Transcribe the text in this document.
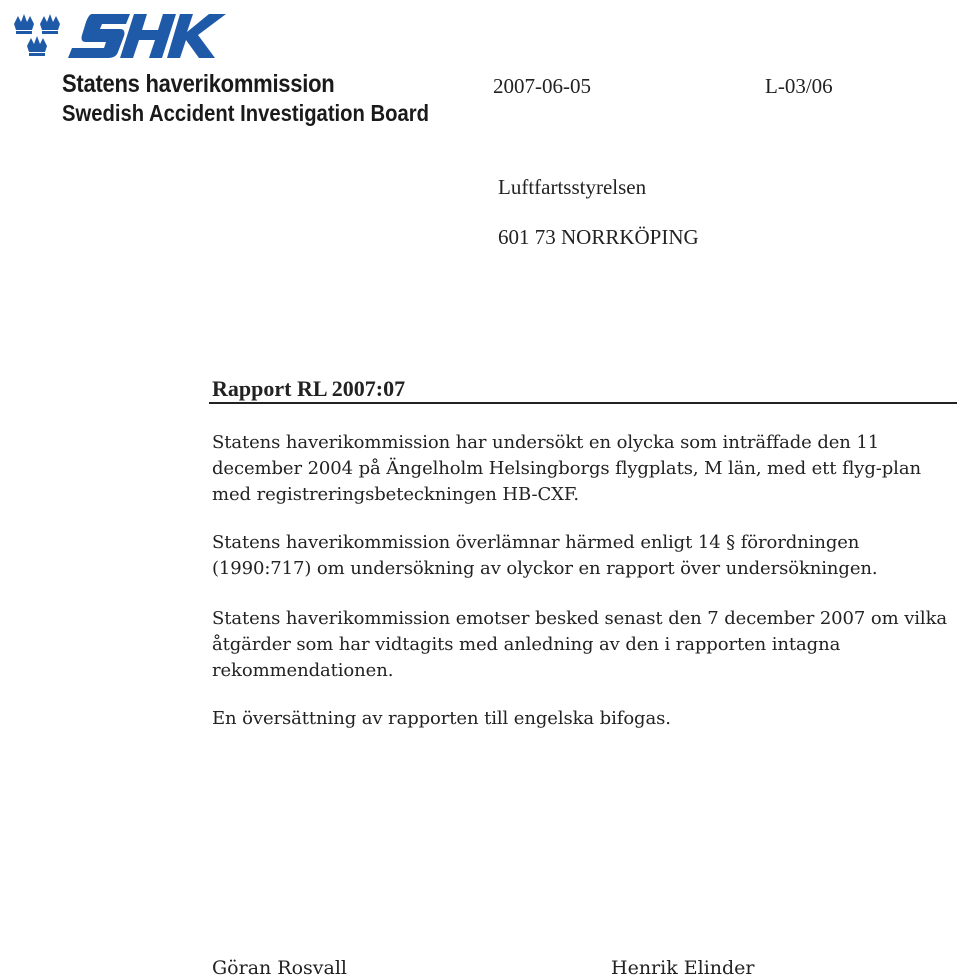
Statens haverikommission
Swedish Accident Investigation Board
2007-06-05	L-03/06
Luftfartsstyrelsen
601 73 NORRKÖPING
Rapport RL 2007:07

Statens haverikommission har undersökt en olycka som inträffade den 11 december 2004 på Ängelholm Helsingborgs flygplats, M län, med ett flyg-plan med registreringsbeteckningen HB-CXF.

Statens haverikommission överlämnar härmed enligt 14 § förordningen (1990:717) om undersökning av olyckor en rapport över undersökningen.

Statens haverikommission emotser besked senast den 7 december 2007 om vilka åtgärder som har vidtagits med anledning av den i rapporten intagna rekommendationen.

En översättning av rapporten till engelska bifogas.

Göran Rosvall	Henrik Elinder
